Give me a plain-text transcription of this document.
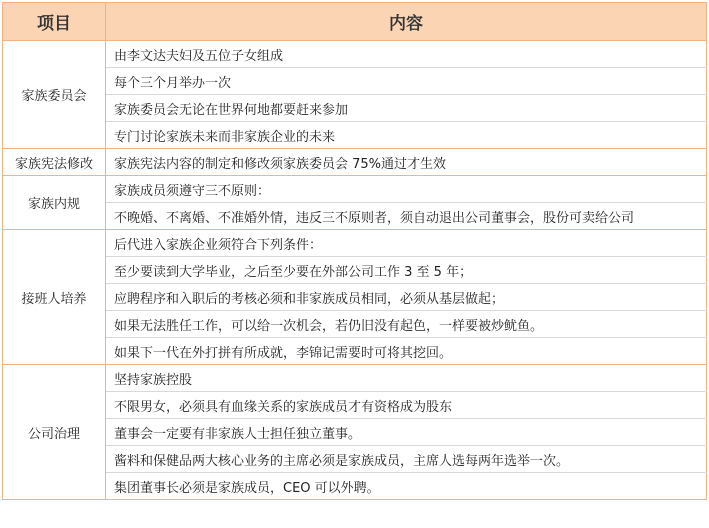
项目	内容
家族委员会	由李文达夫妇及五位子女组成
	每个三个月举办一次
	家族委员会无论在世界何地都要赶来参加
	专门讨论家族未来而非家族企业的未来
家族宪法修改	家族宪法内容的制定和修改须家族委员会 75%通过才生效
家族内规	家族成员须遵守三不原则：
	不晚婚、不离婚、不准婚外情，违反三不原则者，须自动退出公司董事会，股份可卖给公司
接班人培养	后代进入家族企业须符合下列条件：
	至少要读到大学毕业，之后至少要在外部公司工作 3 至 5 年；
	应聘程序和入职后的考核必须和非家族成员相同，必须从基层做起；
	如果无法胜任工作，可以给一次机会，若仍旧没有起色，一样要被炒鱿鱼。
	如果下一代在外打拼有所成就，李锦记需要时可将其挖回。
公司治理	坚持家族控股
	不限男女，必须具有血缘关系的家族成员才有资格成为股东
	董事会一定要有非家族人士担任独立董事。
	酱料和保健品两大核心业务的主席必须是家族成员，主席人选每两年选举一次。
	集团董事长必须是家族成员，CEO 可以外聘。
